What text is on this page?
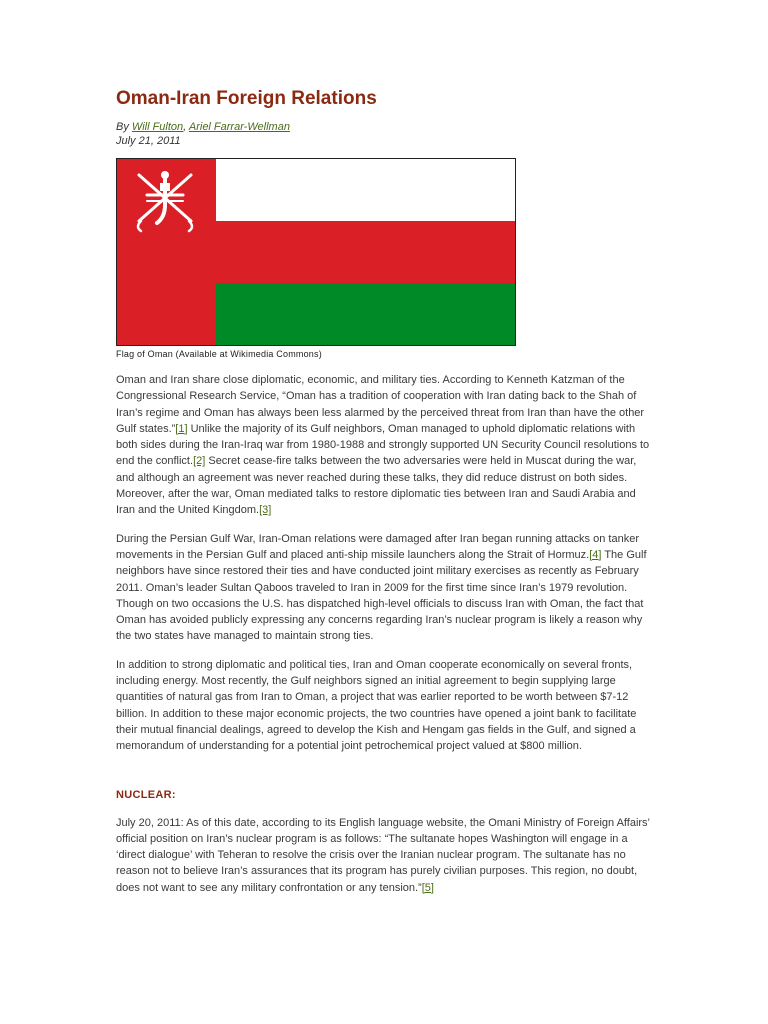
Oman-Iran Foreign Relations
By Will Fulton, Ariel Farrar-Wellman
July 21, 2011
Flag of Oman (Available at Wikimedia Commons)

Oman and Iran share close diplomatic, economic, and military ties. According to Kenneth Katzman of the Congressional Research Service, “Oman has a tradition of cooperation with Iran dating back to the Shah of Iran’s regime and Oman has always been less alarmed by the perceived threat from Iran than have the other Gulf states.”[1] Unlike the majority of its Gulf neighbors, Oman managed to uphold diplomatic relations with both sides during the Iran-Iraq war from 1980-1988 and strongly supported UN Security Council resolutions to end the conflict.[2] Secret cease-fire talks between the two adversaries were held in Muscat during the war, and although an agreement was never reached during these talks, they did reduce distrust on both sides. Moreover, after the war, Oman mediated talks to restore diplomatic ties between Iran and Saudi Arabia and Iran and the United Kingdom.[3]

During the Persian Gulf War, Iran-Oman relations were damaged after Iran began running attacks on tanker movements in the Persian Gulf and placed anti-ship missile launchers along the Strait of Hormuz.[4] The Gulf neighbors have since restored their ties and have conducted joint military exercises as recently as February 2011. Oman’s leader Sultan Qaboos traveled to Iran in 2009 for the first time since Iran’s 1979 revolution. Though on two occasions the U.S. has dispatched high-level officials to discuss Iran with Oman, the fact that Oman has avoided publicly expressing any concerns regarding Iran’s nuclear program is likely a reason why the two states have managed to maintain strong ties.

In addition to strong diplomatic and political ties, Iran and Oman cooperate economically on several fronts, including energy. Most recently, the Gulf neighbors signed an initial agreement to begin supplying large quantities of natural gas from Iran to Oman, a project that was earlier reported to be worth between $7-12 billion. In addition to these major economic projects, the two countries have opened a joint bank to facilitate their mutual financial dealings, agreed to develop the Kish and Hengam gas fields in the Gulf, and signed a memorandum of understanding for a potential joint petrochemical project valued at $800 million.

NUCLEAR:

July 20, 2011: As of this date, according to its English language website, the Omani Ministry of Foreign Affairs’ official position on Iran’s nuclear program is as follows: “The sultanate hopes Washington will engage in a ‘direct dialogue’ with Teheran to resolve the crisis over the Iranian nuclear program. The sultanate has no reason not to believe Iran’s assurances that its program has purely civilian purposes. This region, no doubt, does not want to see any military confrontation or any tension.”[5]
